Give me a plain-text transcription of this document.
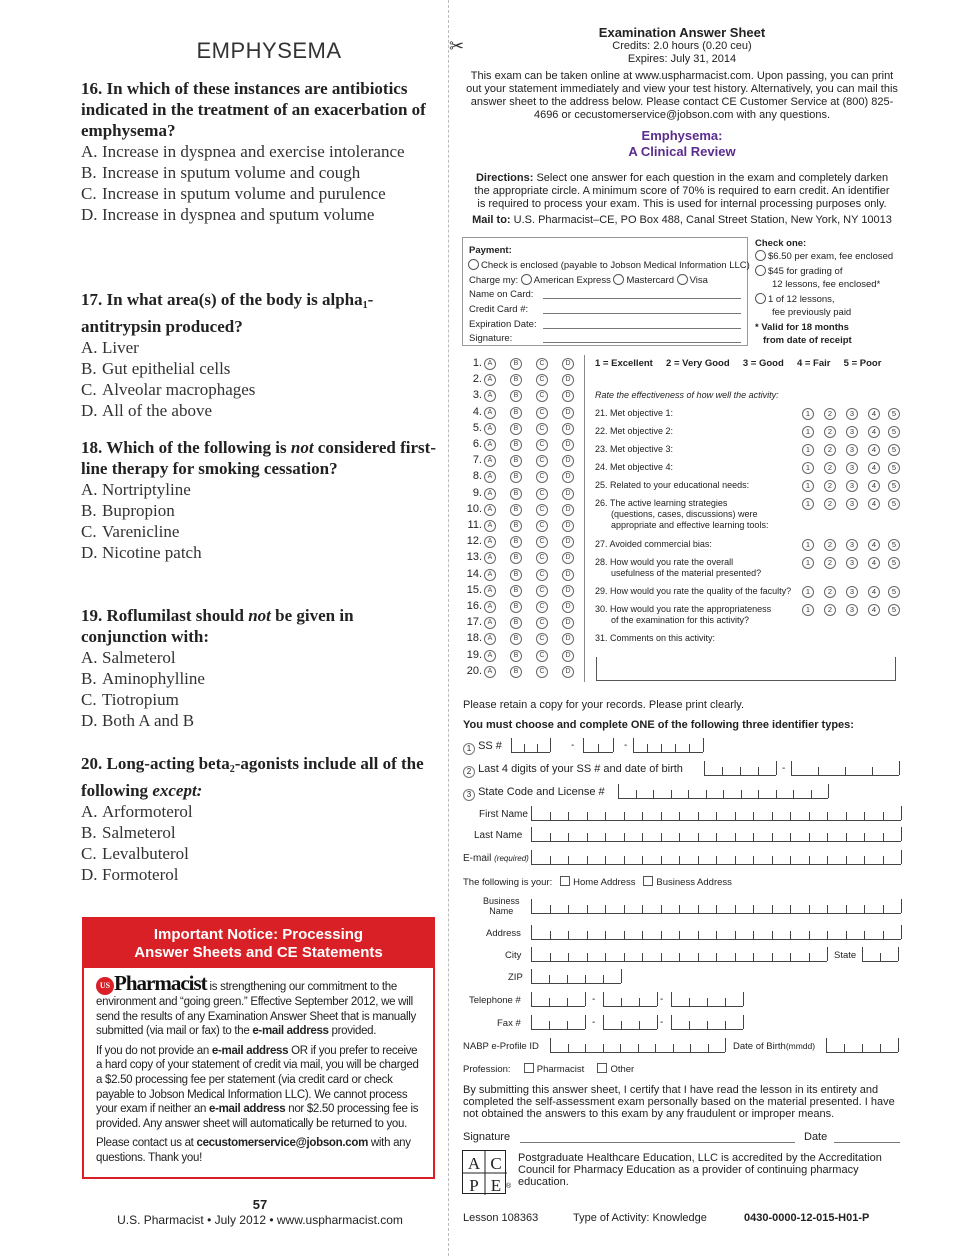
EMPHYSEMA
16. In which of these instances are antibiotics indicated in the treatment of an exacerbation of emphysema?
A. Increase in dyspnea and exercise intolerance
B. Increase in sputum volume and cough
C. Increase in sputum volume and purulence
D. Increase in dyspnea and sputum volume
17. In what area(s) of the body is alpha$_1$-antitrypsin produced?
A. Liver
B. Gut epithelial cells
C. Alveolar macrophages
D. All of the above
18. Which of the following is not considered first-line therapy for smoking cessation?
A. Nortriptyline
B. Bupropion
C. Varenicline
D. Nicotine patch
19. Roflumilast should not be given in conjunction with:
A. Salmeterol
B. Aminophylline
C. Tiotropium
D. Both A and B
20. Long-acting beta$_2$-agonists include all of the following except:
A. Arformoterol
B. Salmeterol
C. Levalbuterol
D. Formoterol
Important Notice: Processing
Answer Sheets and CE Statements

US Pharmacist is strengthening our commitment to the environment and “going green.” Effective September 2012, we will send the results of any Examination Answer Sheet that is manually submitted (via mail or fax) to the e-mail address provided.

If you do not provide an e-mail address OR if you prefer to receive a hard copy of your statement of credit via mail, you will be charged a $2.50 processing fee per statement (via credit card or check payable to Jobson Medical Information LLC). We cannot process your exam if neither an e-mail address nor $2.50 processing fee is provided. Any answer sheet will automatically be returned to you.

Please contact us at cecustomerservice@jobson.com with any questions. Thank you!

57
U.S. Pharmacist • July 2012 • www.uspharmacist.com
✂
Examination Answer Sheet
Credits: 2.0 hours (0.20 ceu)
Expires: July 31, 2014
This exam can be taken online at www.uspharmacist.com. Upon passing, you can print out your statement immediately and view your test history. Alternatively, you can mail this answer sheet to the address below. Please contact CE Customer Service at (800) 825-4696 or cecustomerservice@jobson.com with any questions.
Emphysema:
A Clinical Review
Directions: Select one answer for each question in the exam and completely darken the appropriate circle. A minimum score of 70% is required to earn credit. An identifier is required to process your exam. This is used for internal processing purposes only.
Mail to: U.S. Pharmacist–CE, PO Box 488, Canal Street Station, New York, NY 10013
Payment:
Check is enclosed (payable to Jobson Medical Information LLC)
Charge my: American Express Mastercard Visa
Name on Card:
Credit Card #:
Expiration Date:
Signature:
Check one:
$6.50 per exam, fee enclosed
$45 for grading of
12 lessons, fee enclosed*
1 of 12 lessons,
fee previously paid
* Valid for 18 months
from date of receipt
1. A	B	C	D
2. A	B	C	D
3. A	B	C	D
4. A	B	C	D
5. A	B	C	D
6. A	B	C	D
7. A	B	C	D
8. A	B	C	D
9. A	B	C	D
10. A	B	C	D
11. A	B	C	D
12. A	B	C	D
13. A	B	C	D
14. A	B	C	D
15. A	B	C	D
16. A	B	C	D
17. A	B	C	D
18. A	B	C	D
19. A	B	C	D
20. A	B	C	D
1 = Excellent     2 = Very Good     3 = Good     4 = Fair     5 = Poor
Rate the effectiveness of how well the activity:
21. Met objective 1:	1	2	3	4	5
22. Met objective 2:	1	2	3	4	5
23. Met objective 3:	1	2	3	4	5
24. Met objective 4:	1	2	3	4	5
25. Related to your educational needs:	1	2	3	4	5
26. The active learning strategies
(questions, cases, discussions) were
appropriate and effective learning tools:
1	2	3	4	5
27. Avoided commercial bias:	1	2	3	4	5
28. How would you rate the overall
usefulness of the material presented?
1	2	3	4	5
29. How would you rate the quality of the faculty?	1	2	3	4	5
30. How would you rate the appropriateness
of the examination for this activity?
1	2	3	4	5
31. Comments on this activity:
Please retain a copy for your records. Please print clearly.
You must choose and complete ONE of the following three identifier types:
1 SS #
2 Last 4 digits of your SS # and date of birth
3 State Code and License #
First Name
Last Name
E-mail (required)
The following is your: Home Address Business Address
Business
Name
Address
City	State
ZIP
Telephone #
Fax #
NABP e-Profile ID	Date of Birth(mmdd)
Profession:	Pharmacist	Other
-	-
-
-	-
-	-
By submitting this answer sheet, I certify that I have read the lesson in its entirety and completed the self-assessment exam personally based on the material presented. I have not obtained the answers to this exam by any fraudulent or improper means.
Signature	Date
A C
P E ®
Postgraduate Healthcare Education, LLC is accredited by the Accreditation Council for Pharmacy Education as a provider of continuing pharmacy education.
Lesson 108363	Type of Activity: Knowledge	0430-0000-12-015-H01-P
